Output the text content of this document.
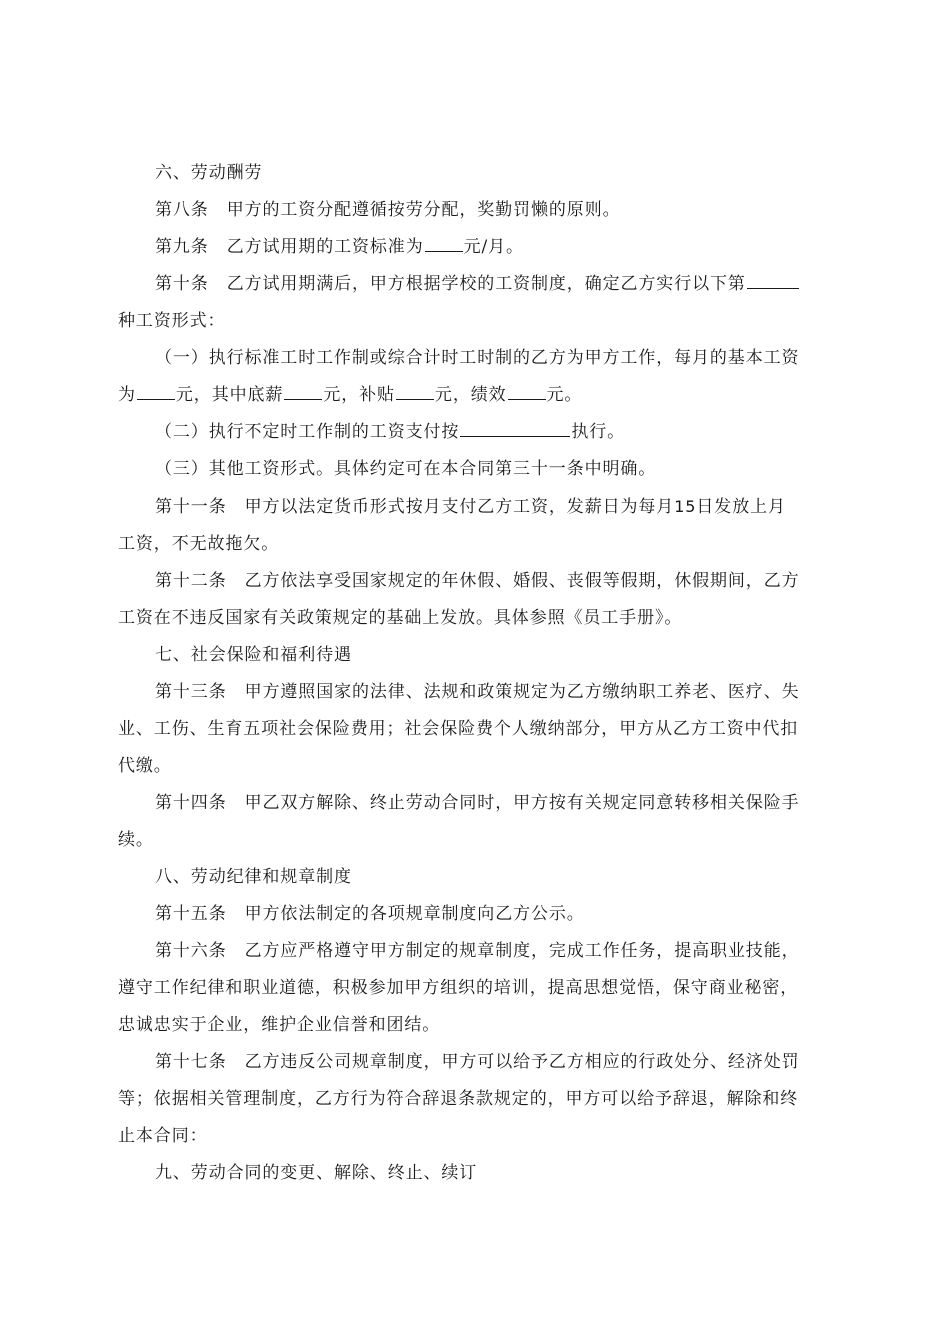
六、劳动酬劳

第八条 甲方的工资分配遵循按劳分配，奖勤罚懒的原则。

第九条 乙方试用期的工资标准为 元/月。

第十条 乙方试用期满后，甲方根据学校的工资制度，确定乙方实行以下第

种工资形式：

（一）执行标准工时工作制或综合计时工时制的乙方为甲方工作，每月的基本工资

为 元，其中底薪 元，补贴 元，绩效 元。

（二）执行不定时工作制的工资支付按	执行。

（三）其他工资形式。具体约定可在本合同第三十一条中明确。

第十一条 甲方以法定货币形式按月支付乙方工资，发薪日为每月15日发放上月

工资，不无故拖欠。

第十二条 乙方依法享受国家规定的年休假、婚假、丧假等假期，休假期间，乙方

工资在不违反国家有关政策规定的基础上发放。具体参照《员工手册》。

七、社会保险和福利待遇

第十三条 甲方遵照国家的法律、法规和政策规定为乙方缴纳职工养老、医疗、失

业、工伤、生育五项社会保险费用；社会保险费个人缴纳部分，甲方从乙方工资中代扣

代缴。

第十四条 甲乙双方解除、终止劳动合同时，甲方按有关规定同意转移相关保险手

续。

八、劳动纪律和规章制度

第十五条 甲方依法制定的各项规章制度向乙方公示。

第十六条 乙方应严格遵守甲方制定的规章制度，完成工作任务，提高职业技能，

遵守工作纪律和职业道德，积极参加甲方组织的培训，提高思想觉悟，保守商业秘密，

忠诚忠实于企业，维护企业信誉和团结。

第十七条 乙方违反公司规章制度，甲方可以给予乙方相应的行政处分、经济处罚

等；依据相关管理制度，乙方行为符合辞退条款规定的，甲方可以给予辞退，解除和终

止本合同：

九、劳动合同的变更、解除、终止、续订
